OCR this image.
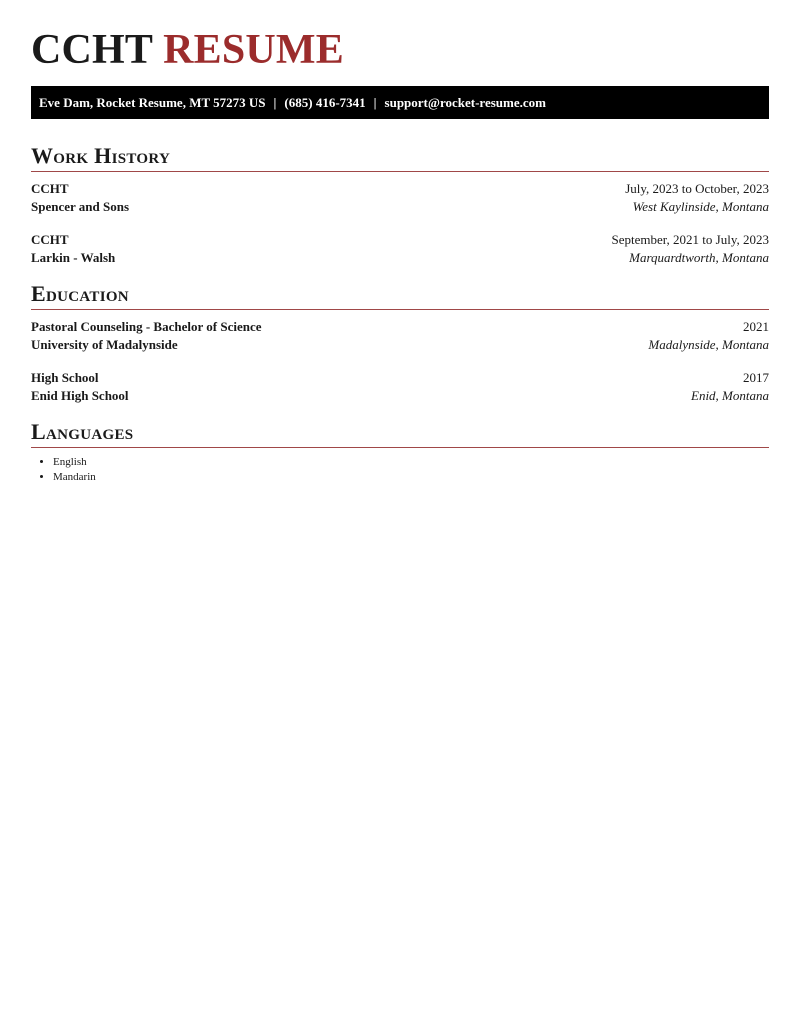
CCHT RESUME
Eve Dam, Rocket Resume, MT 57273 US | (685) 416-7341 | support@rocket-resume.com
Work History
CCHT	July, 2023 to October, 2023
Spencer and Sons	West Kaylinside, Montana
CCHT	September, 2021 to July, 2023
Larkin - Walsh	Marquardtworth, Montana
Education
Pastoral Counseling - Bachelor of Science	2021
University of Madalynside	Madalynside, Montana
High School	2017
Enid High School	Enid, Montana
Languages
• English
• Mandarin
